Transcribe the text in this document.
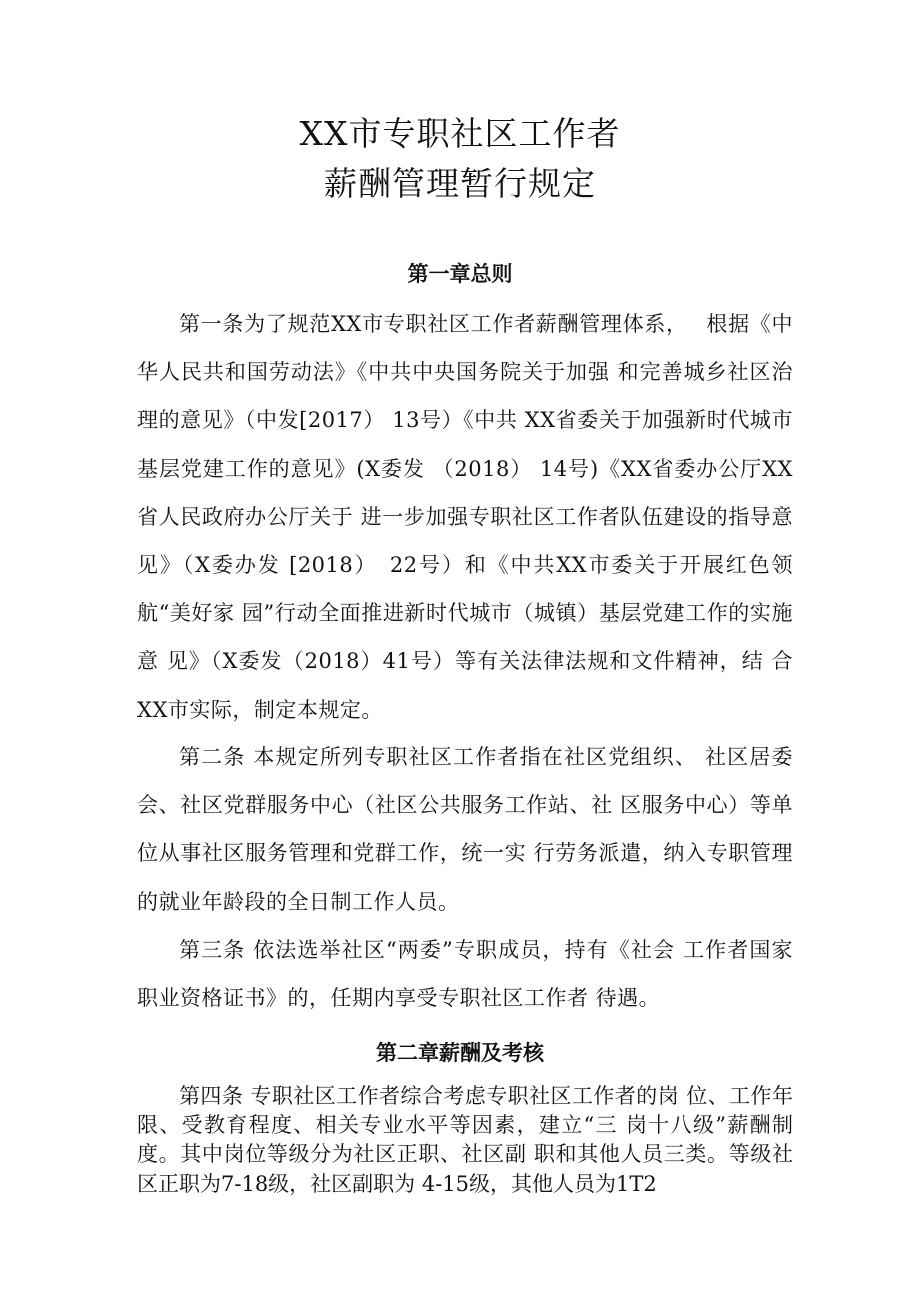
XX市专职社区工作者
薪酬管理暂行规定
第一章总则

第一条为了规范XX市专职社区工作者薪酬管理体系，　 根据《中华人民共和国劳动法》《中共中央国务院关于加强 和完善城乡社区治理的意见》（中发[2017） 13号）《中共 XX省委关于加强新时代城市基层党建工作的意见》(X委发 （2018） 14号)《XX省委办公厅XX省人民政府办公厅关于 进一步加强专职社区工作者队伍建设的指导意见》（X委办发 [2018）　22号）和《中共XX市委关于开展红色领航“美好家 园”行动全面推进新时代城市（城镇）基层党建工作的实施意 见》（X委发（2018）41号）等有关法律法规和文件精神，结 合XX市实际，制定本规定。

第二条 本规定所列专职社区工作者指在社区党组织、 社区居委会、社区党群服务中心（社区公共服务工作站、社 区服务中心）等单位从事社区服务管理和党群工作，统一实 行劳务派遣，纳入专职管理的就业年龄段的全日制工作人员。

第三条 依法选举社区“两委”专职成员，持有《社会 工作者国家职业资格证书》的，任期内享受专职社区工作者 待遇。

第二章薪酬及考核

第四条 专职社区工作者综合考虑专职社区工作者的岗 位、工作年限、受教育程度、相关专业水平等因素，建立“三 岗十八级”薪酬制度。其中岗位等级分为社区正职、社区副 职和其他人员三类。等级社区正职为7-18级，社区副职为 4-15级，其他人员为1T2
